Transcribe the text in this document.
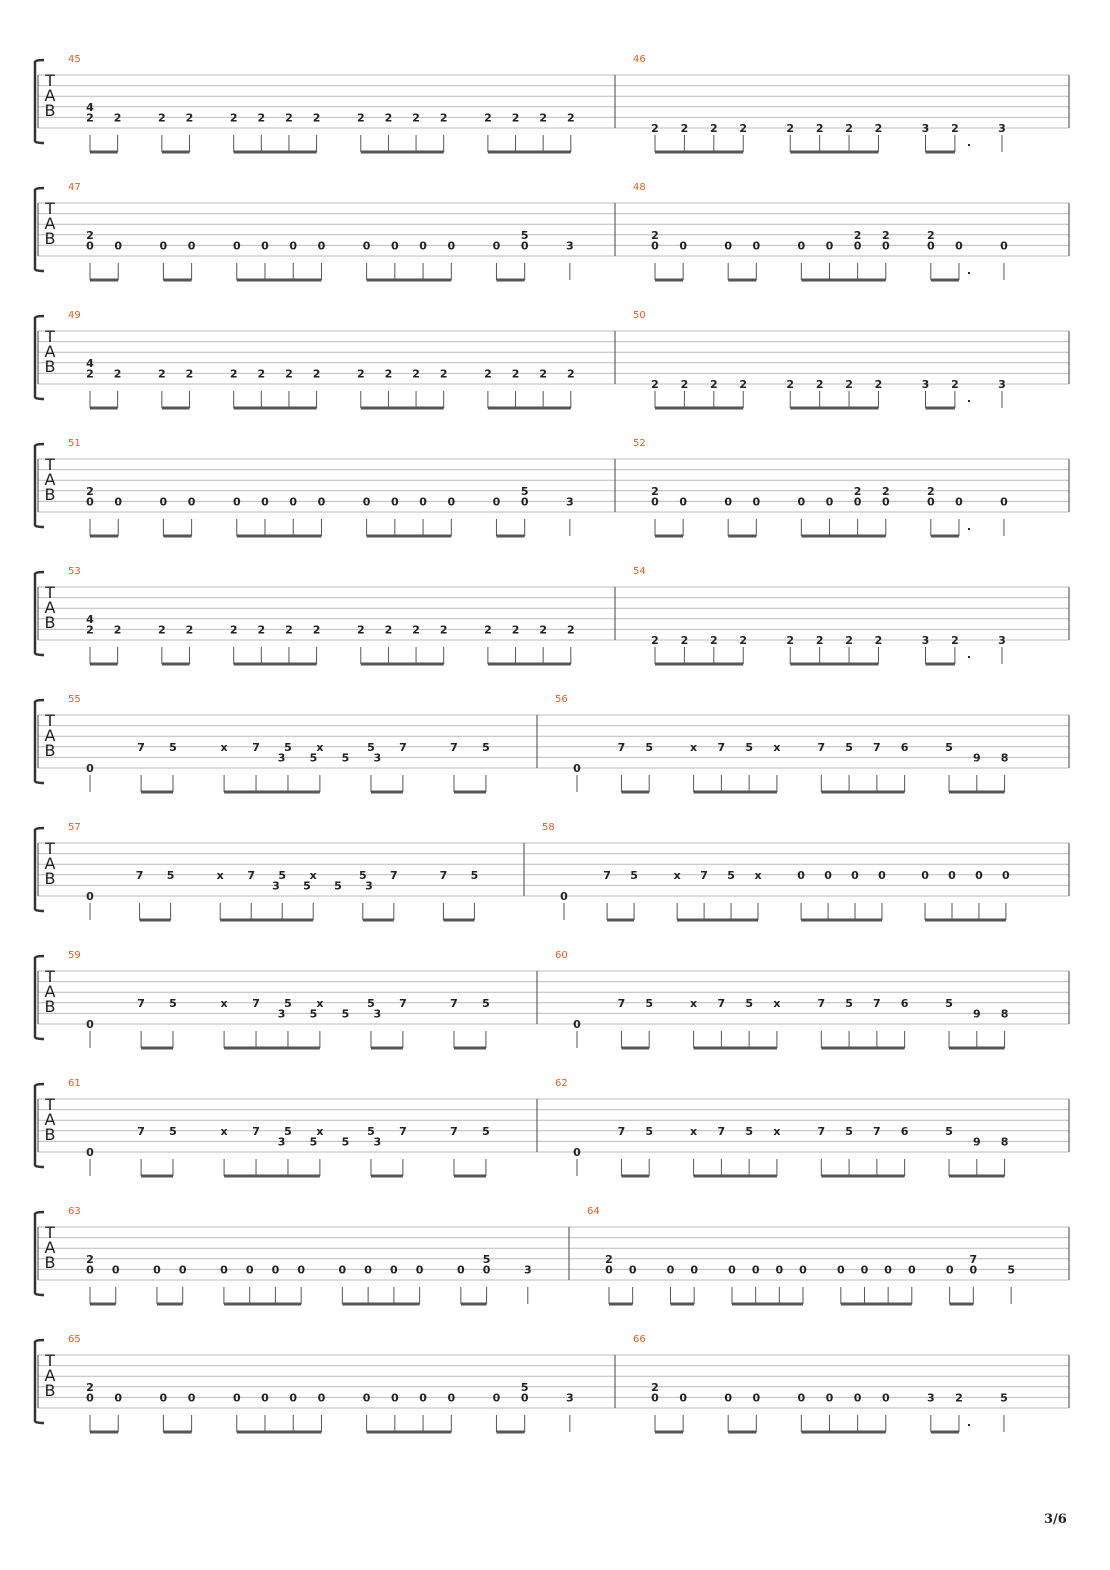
T
A
B
45
2 2	2 2	2 2 2 2	2 2 2 2	2 2 2 2
4
46
2 2 2 2	2 2 2 2	3 2	3
.
T
A
B
47
0 0	0 0	0 0 0 0	0 0 0 0	0 0	3
2	5
48
0 0	0 0	0 0 0 0	0 0	0
2	2 2	2
.
T
A
B
49
2 2	2 2	2 2 2 2	2 2 2 2	2 2 2 2
4
50
2 2 2 2	2 2 2 2	3 2	3
.
T
A
B
51
0 0	0 0	0 0 0 0	0 0 0 0	0 0	3
2	5
52
0 0	0 0	0 0 0 0	0 0	0
2	2 2	2
.
T
A
B
53
2 2	2 2	2 2 2 2	2 2 2 2	2 2 2 2
4
54
2 2 2 2	2 2 2 2	3 2	3
.
T
A
B
55
0
7 5	x 7 5 x	5 7	7 5
3 5 5 3
56
0
7 5	x 7 5 x	7 5 7 6	5
9 8
T
A
B
57
0
7 5	x 7 5 x	5 7	7 5
3 5 5 3
58
0
7 5	x 7 5 x	0 0 0 0	0 0 0 0
T
A
B
59
0
7 5	x 7 5 x	5 7	7 5
3 5 5 3
60
0
7 5	x 7 5 x	7 5 7 6	5
9 8
T
A
B
61
0
7 5	x 7 5 x	5 7	7 5
3 5 5 3
62
0
7 5	x 7 5 x	7 5 7 6	5
9 8
T
A
B
63
0 0	0 0	0 0 0 0	0 0 0 0	0 0	3
2	5
64
0 0	0 0	0 0 0 0	0 0 0 0	0 0	5
2	7
T
A
B
65
0 0	0 0	0 0 0 0	0 0 0 0	0 0	3
2	5
66
0 0	0 0	0 0 0 0	3 2	5
2
.
3/6
